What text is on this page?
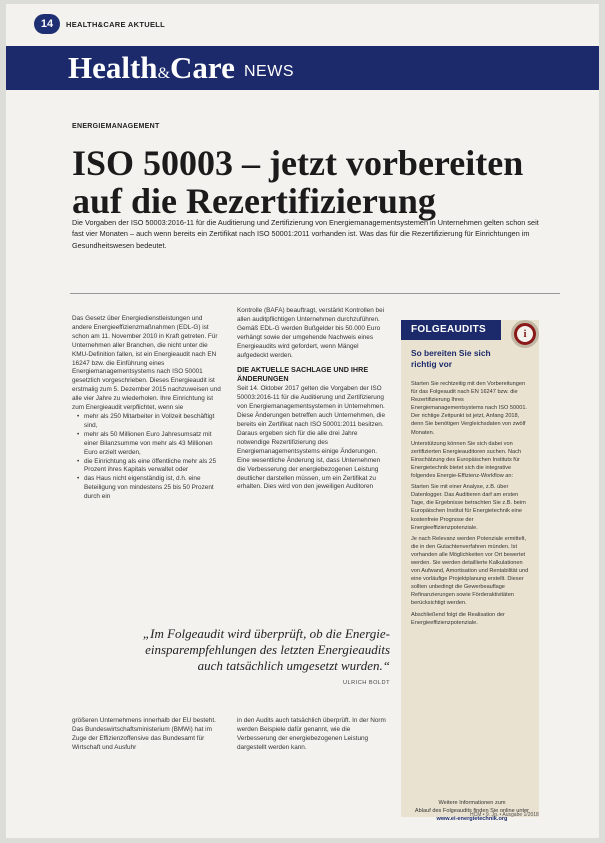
14	HEALTH&CARE AKTUELL
Health&Care NEWS
ENERGIEMANAGEMENT
ISO 50003 – jetzt vorbereiten
auf die Rezertifizierung

Die Vorgaben der ISO 50003:2016-11 für die Auditierung und Zertifizierung von Energiemanagementsystemen in Unternehmen gelten schon seit fast vier Monaten – auch wenn bereits ein Zertifikat nach ISO 50001:2011 vorhanden ist. Was das für die Rezertifizierung für Einrichtungen im Gesundheitswesen bedeutet.

Das Gesetz über Energiedienstleistungen und andere Energieeffizienzmaßnahmen (EDL-G) ist schon am 11. November 2010 in Kraft getreten. Für Unternehmen aller Branchen, die nicht unter die KMU-Definition fallen, ist ein Energieaudit nach EN 16247 bzw. die Einführung eines Energiemanagementsystems nach ISO 50001 gesetzlich vorgeschrieben. Dieses Energieaudit ist erstmalig zum 5. Dezember 2015 nachzuweisen und alle vier Jahre zu wiederholen. Ihre Einrichtung ist zum Energieaudit verpflichtet, wenn sie

• mehr als 250 Mitarbeiter in Vollzeit beschäftigt sind,
• mehr als 50 Millionen Euro Jahresumsatz mit einer Bilanzsumme von mehr als 43 Millionen Euro erzielt werden,
• die Einrichtung als eine öffentliche mehr als 25 Prozent ihres Kapitals verwaltet oder
• das Haus nicht eigenständig ist, d.h. eine Beteiligung von mindestens 25 bis 50 Prozent durch ein

Kontrolle (BAFA) beauftragt, verstärkt Kontrollen bei allen auditpflichtigen Unternehmen durchzuführen. Gemäß EDL-G werden Bußgelder bis 50.000 Euro verhängt sowie der umgehende Nachweis eines Energieaudits wird gefordert, wenn Mängel aufgedeckt werden.

DIE AKTUELLE SACHLAGE UND IHRE ÄNDERUNGEN

Seit 14. Oktober 2017 gelten die Vorgaben der ISO 50003:2016-11 für die Auditierung und Zertifizierung von Energiemanagementsystemen in Unternehmen. Diese Änderungen betreffen auch Unternehmen, die bereits ein Zertifikat nach ISO 50001:2011 besitzen. Daraus ergeben sich für die alle drei Jahre notwendige Rezertifizierung des Energiemanagementsystems einige Änderungen. Eine wesentliche Änderung ist, dass Unternehmen die Verbesserung der energiebezogenen Leistung deutlicher darstellen müssen, um ein Zertifikat zu erhalten. Dies wird von den jeweiligen Auditoren

FOLGEAUDITS	i
So bereiten Sie sich richtig vor

Starten Sie rechtzeitig mit den Vorbereitungen für das Folgeaudit nach EN 16247 bzw. die Rezertifizierung Ihres Energiemanagementsystems nach ISO 50001. Der richtige Zeitpunkt ist jetzt, Anfang 2018, denn Sie benötigen Vergleichsdaten von zwölf Monaten.

Unterstützung können Sie sich dabei von zertifizierten Energieauditoren suchen. Nach Einschätzung des Europäischen Instituts für Energietechnik bietet sich die integrative folgendes Energie-Effizienz-Workflow an:

Starten Sie mit einer Analyse, z.B. über Datenlogger. Das Auditieren darf am ersten Tage, die Ergebnisse betrachten Sie z.B. beim Europäischen Institut für Energietechnik eine kostenfreie Prognose der Energieeffizienzpotenziale.

Je nach Relevanz werden Potenziale ermittelt, die in den Gutachtenverfahren münden. Ist vorhanden alle Möglichkeiten vor Ort bewertet werden. Sie werden detaillierte Kalkulationen von Aufwand, Amortisation und Rentabilität und eine vorläufige Projektplanung erstellt. Dieser sollten unbedingt die Gewerbeauflage Refinanzierungen sowie Förderaktivitäten berücksichtigt werden.

Abschließend folgt die Realisation der Energieeffizienzpotenziale.

Weitere Informationen zum
Ablauf des Folgeaudits finden Sie online unter
www.ei-energietechnik.org
„Im Folgeaudit wird überprüft, ob die Energie-
einsparempfehlungen des letzten Energieaudits
auch tatsächlich umgesetzt wurden.“
ULRICH BOLDT

größeren Unternehmens innerhalb der EU besteht.

Das Bundeswirtschaftsministerium (BMWi) hat im Zuge der Effizienzoffensive das Bundesamt für Wirtschaft und Ausfuhr

in den Audits auch tatsächlich überprüft. In der Norm werden Beispiele dafür genannt, wie die Verbesserung der energiebezogenen Leistung dargestellt werden kann.

HCM • 9. Jg. • Ausgabe 1/2018
